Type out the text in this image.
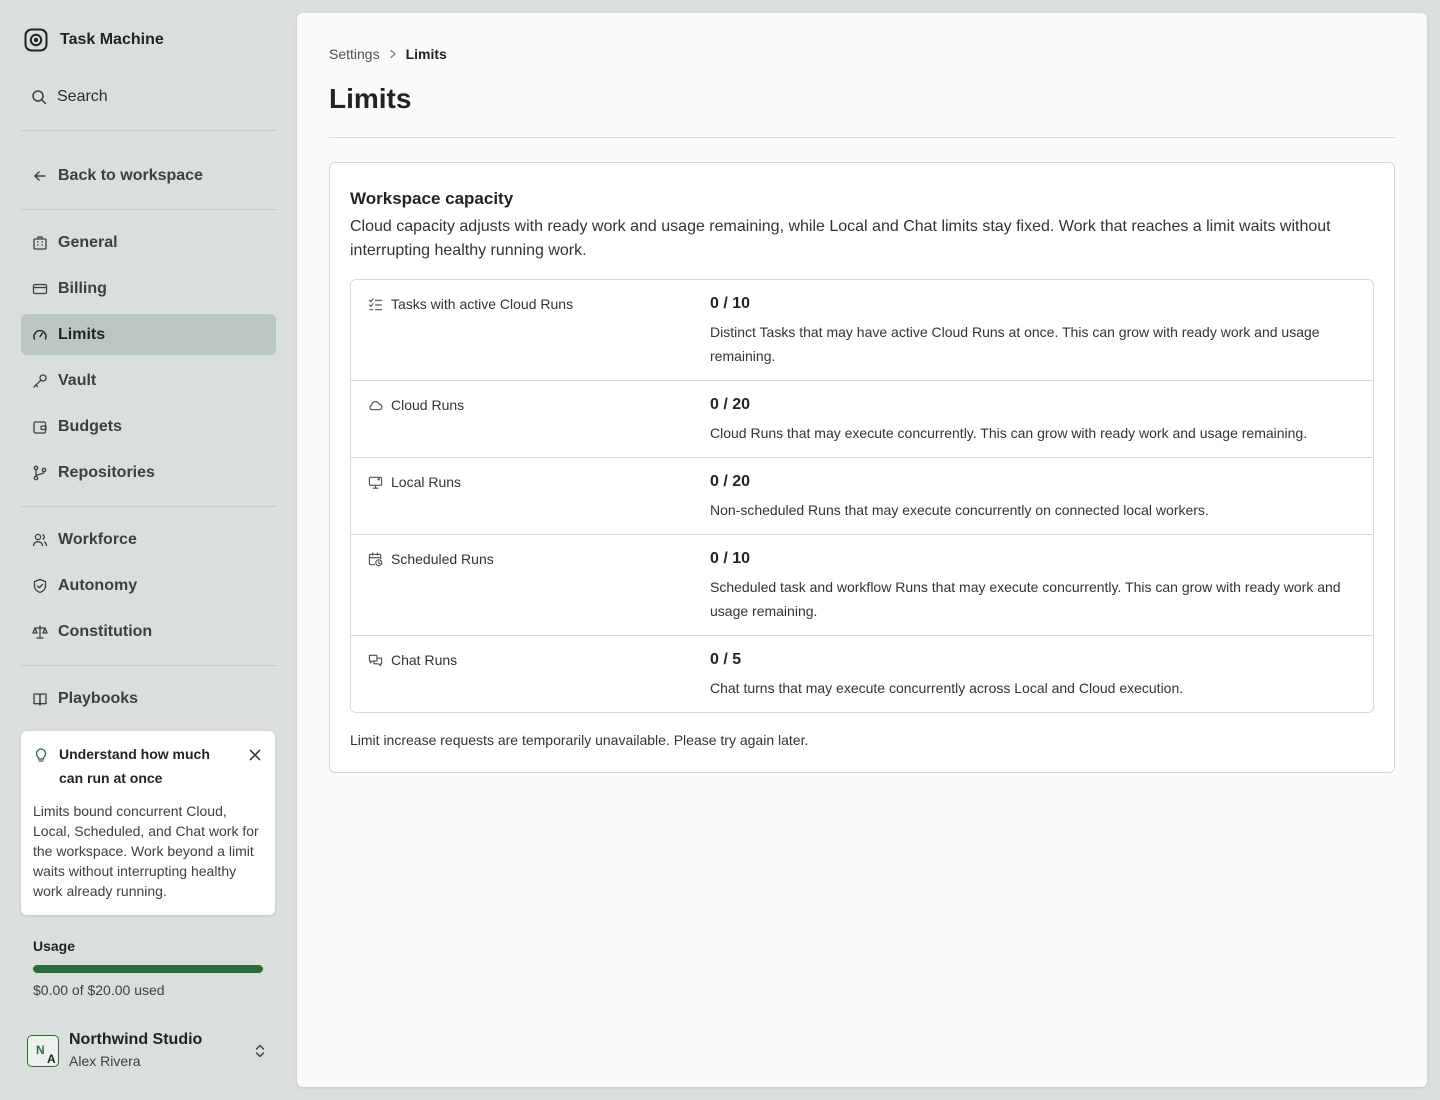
Task Machine
Search
Back to workspace
General
Billing
Limits
Vault
Budgets
Repositories
Workforce
Autonomy
Constitution
Playbooks
Understand how much can run at once
Limits bound concurrent Cloud, Local, Scheduled, and Chat work for the workspace. Work beyond a limit waits without interrupting healthy work already running.
Usage
$0.00 of $20.00 used
N
A
Northwind Studio
Alex Rivera
Settings Limits
Limits
Workspace capacity

Cloud capacity adjusts with ready work and usage remaining, while Local and Chat limits stay fixed. Work that reaches a limit waits without interrupting healthy running work.

Tasks with active Cloud Runs	0 / 10
Distinct Tasks that may have active Cloud Runs at once. This can grow with ready work and usage remaining.
Cloud Runs	0 / 20
Cloud Runs that may execute concurrently. This can grow with ready work and usage remaining.
Local Runs	0 / 20
Non-scheduled Runs that may execute concurrently on connected local workers.
Scheduled Runs	0 / 10
Scheduled task and workflow Runs that may execute concurrently. This can grow with ready work and usage remaining.
Chat Runs	0 / 5
Chat turns that may execute concurrently across Local and Cloud execution.

Limit increase requests are temporarily unavailable. Please try again later.
